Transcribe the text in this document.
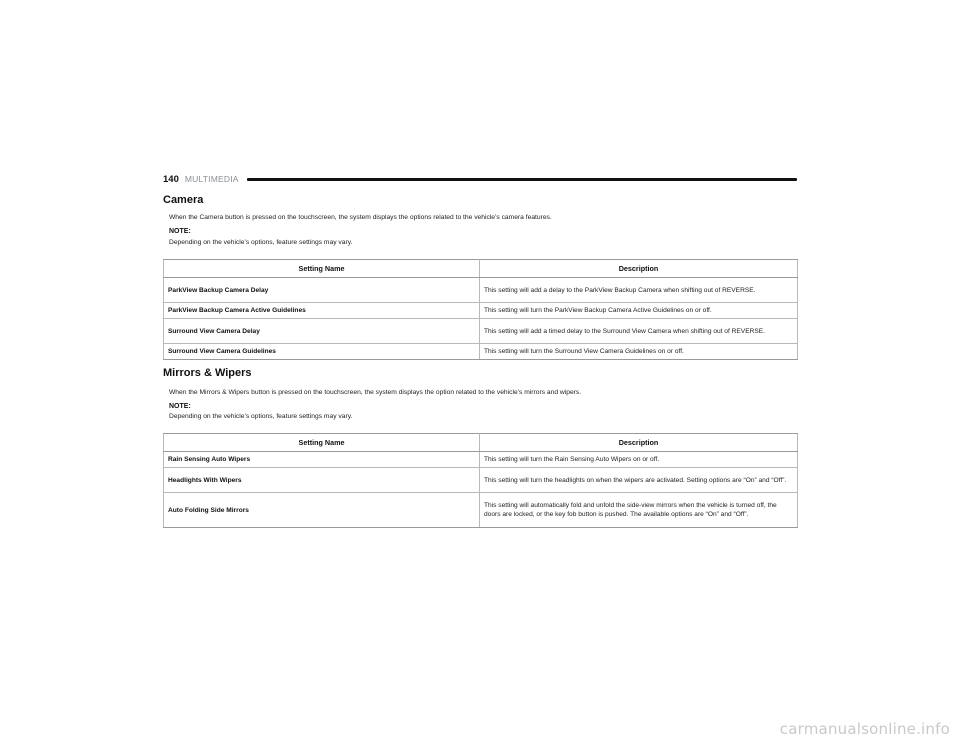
140 MULTIMEDIA
Camera
When the Camera button is pressed on the touchscreen, the system displays the options related to the vehicle’s camera features.
NOTE:
Depending on the vehicle’s options, feature settings may vary.
Setting Name	Description
ParkView Backup Camera Delay	This setting will add a delay to the ParkView Backup Camera when shifting out of REVERSE.
ParkView Backup Camera Active Guidelines	This setting will turn the ParkView Backup Camera Active Guidelines on or off.
Surround View Camera Delay	This setting will add a timed delay to the Surround View Camera when shifting out of REVERSE.
Surround View Camera Guidelines	This setting will turn the Surround View Camera Guidelines on or off.
Mirrors & Wipers
When the Mirrors & Wipers button is pressed on the touchscreen, the system displays the option related to the vehicle’s mirrors and wipers.
NOTE:
Depending on the vehicle’s options, feature settings may vary.
Setting Name	Description
Rain Sensing Auto Wipers	This setting will turn the Rain Sensing Auto Wipers on or off.
Headlights With Wipers	This setting will turn the headlights on when the wipers are activated. Setting options are “On” and “Off”.
Auto Folding Side Mirrors	This setting will automatically fold and unfold the side-view mirrors when the vehicle is turned off, the doors are locked, or the key fob button is pushed. The available options are “On” and “Off”.
carmanualsonline.info
